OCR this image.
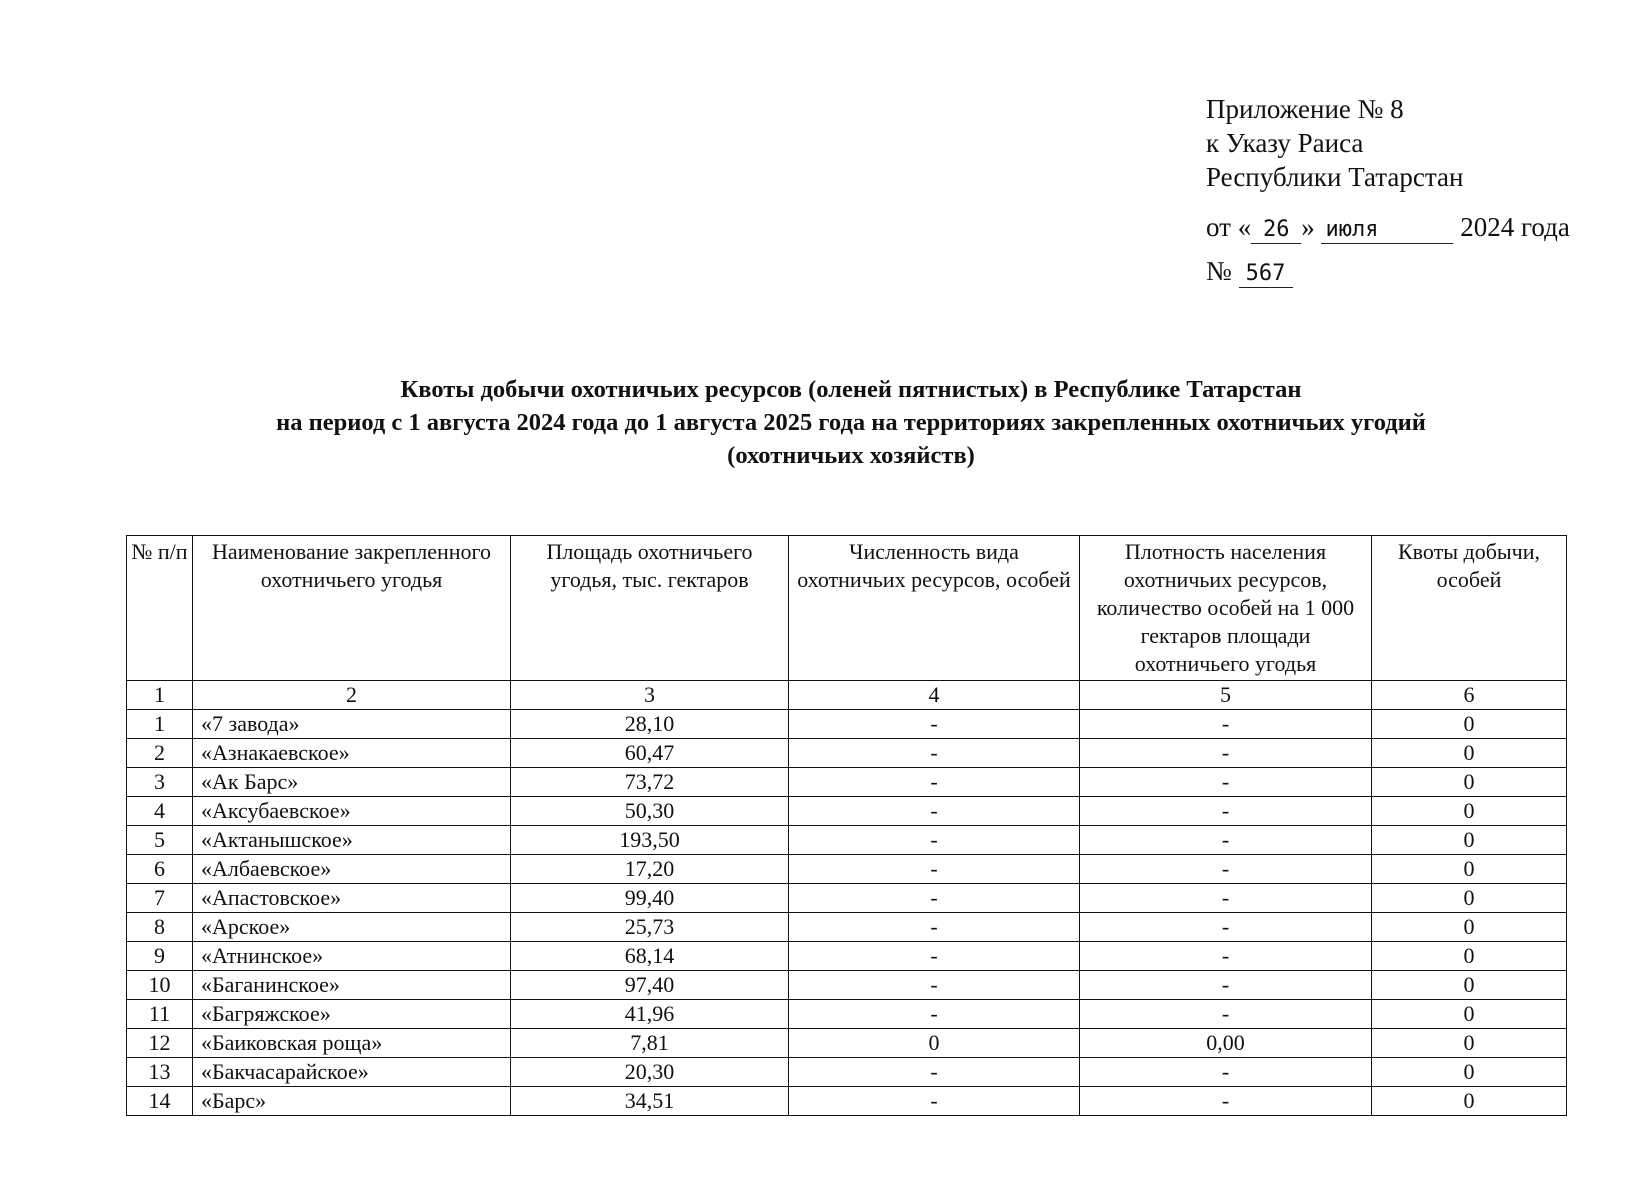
Приложение № 8
к Указу Раиса
Республики Татарстан
от « 26 » июля	2024 года
№ 567
Квоты добычи охотничьих ресурсов (оленей пятнистых) в Республике Татарстан
на период с 1 августа 2024 года до 1 августа 2025 года на территориях закрепленных охотничьих угодий
(охотничьих хозяйств)
№ п/п	Наименование закрепленного охотничьего угодья	Площадь охотничьего угодья, тыс. гектаров	Численность вида охотничьих ресурсов, особей	Плотность населения охотничьих ресурсов, количество особей на 1 000 гектаров площади охотничьего угодья	Квоты добычи, особей
1	2	3	4	5	6
1	«7 завода»	28,10	-	-	0
2	«Азнакаевское»	60,47	-	-	0
3	«Ак Барс»	73,72	-	-	0
4	«Аксубаевское»	50,30	-	-	0
5	«Актанышское»	193,50	-	-	0
6	«Албаевское»	17,20	-	-	0
7	«Апастовское»	99,40	-	-	0
8	«Арское»	25,73	-	-	0
9	«Атнинское»	68,14	-	-	0
10	«Баганинское»	97,40	-	-	0
11	«Багряжское»	41,96	-	-	0
12	«Баиковская роща»	7,81	0	0,00	0
13	«Бакчасарайское»	20,30	-	-	0
14	«Барс»	34,51	-	-	0
